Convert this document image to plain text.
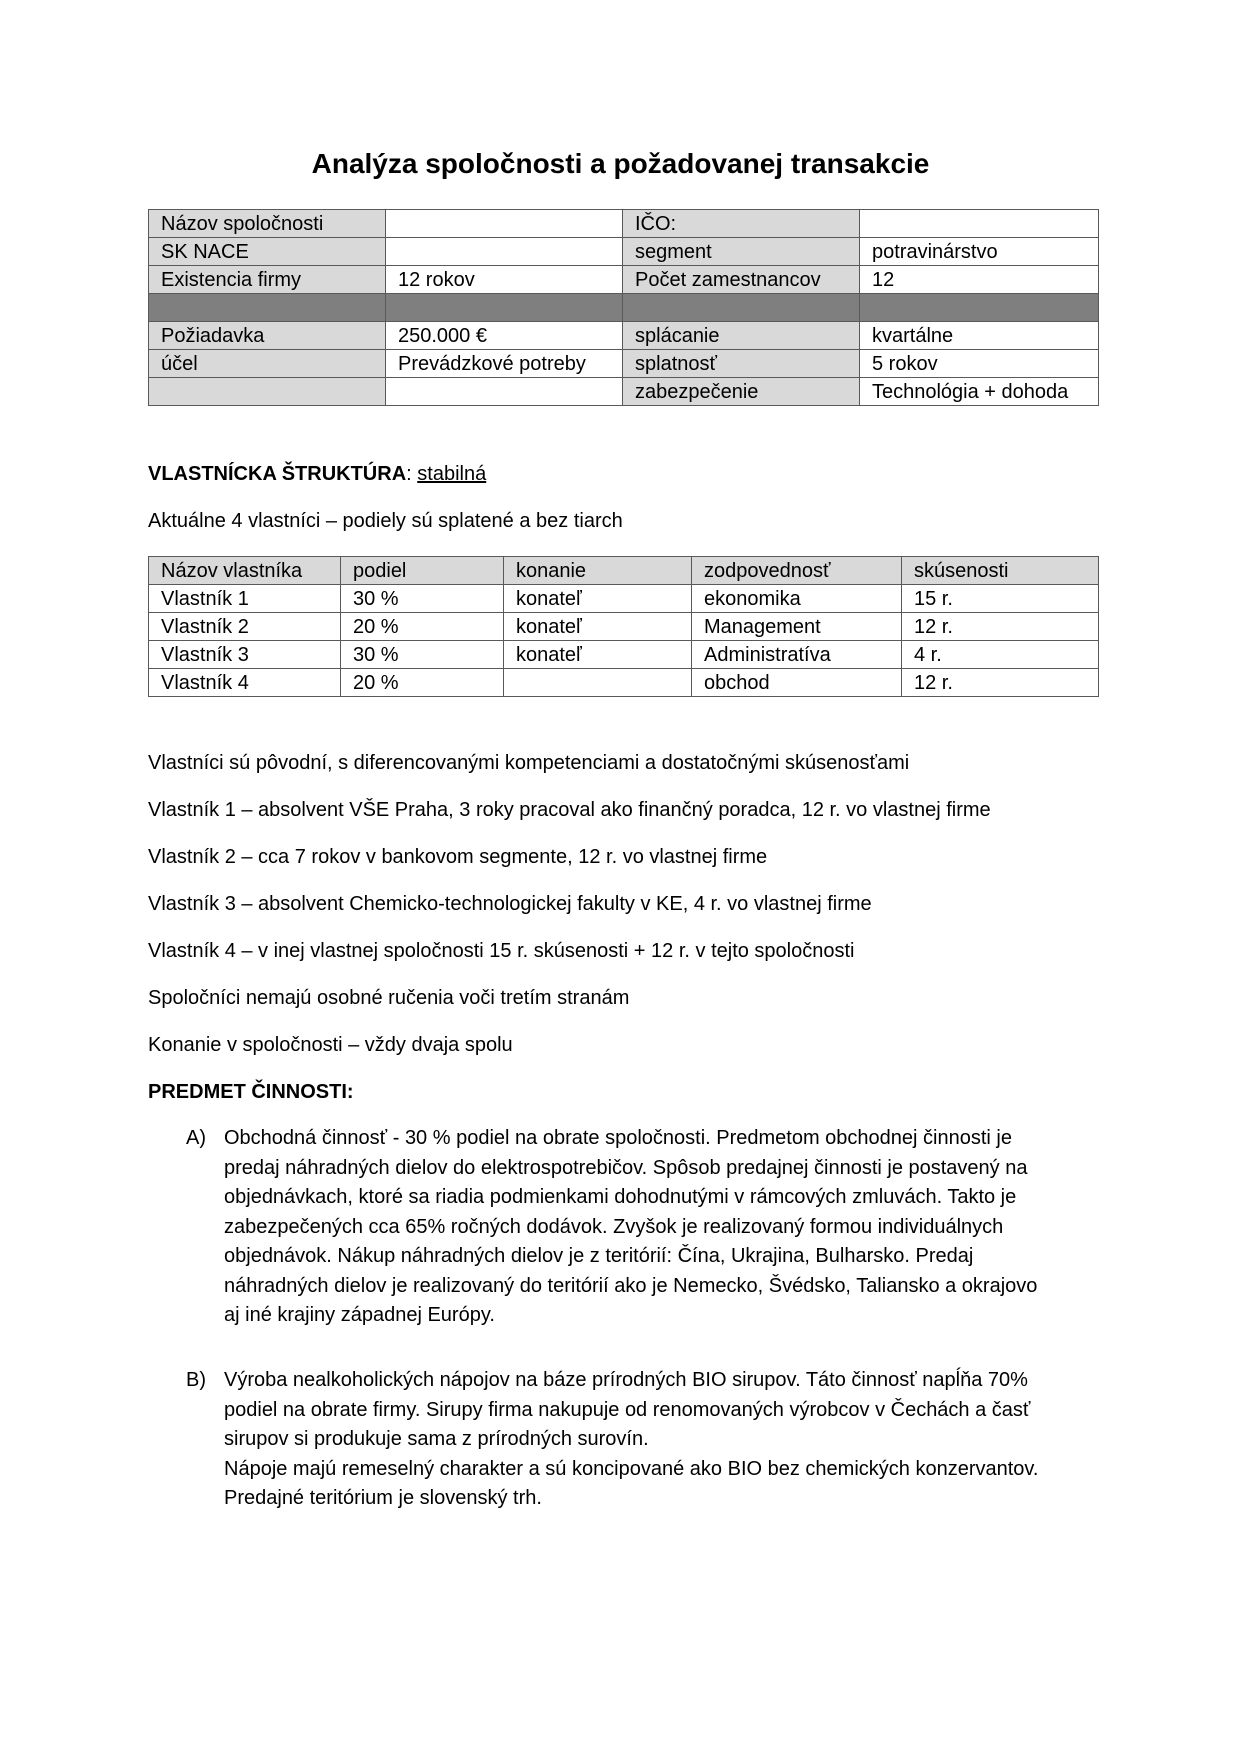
Analýza spoločnosti a požadovanej transakcie
Názov spoločnosti		IČO:	
SK NACE		segment	potravinárstvo
Existencia firmy	12 rokov	Počet zamestnancov	12

Požiadavka	250.000 €	splácanie	kvartálne
účel	Prevádzkové potreby	splatnosť	5 rokov
		zabezpečenie	Technológia + dohoda

VLASTNÍCKA ŠTRUKTÚRA: stabilná

Aktuálne 4 vlastníci – podiely sú splatené a bez tiarch

Názov vlastníka	podiel	konanie	zodpovednosť	skúsenosti
Vlastník 1	30 %	konateľ	ekonomika	15 r.
Vlastník 2	20 %	konateľ	Management	12 r.
Vlastník 3	30 %	konateľ	Administratíva	4 r.
Vlastník 4	20 %		obchod	12 r.

Vlastníci sú pôvodní, s diferencovanými kompetenciami a dostatočnými skúsenosťami

Vlastník 1 – absolvent VŠE Praha, 3 roky pracoval ako finančný poradca, 12 r. vo vlastnej firme

Vlastník 2 – cca 7 rokov v bankovom segmente, 12 r. vo vlastnej firme

Vlastník 3 – absolvent Chemicko-technologickej fakulty v KE, 4 r. vo vlastnej firme

Vlastník 4 – v inej vlastnej spoločnosti 15 r. skúsenosti + 12 r. v tejto spoločnosti

Spoločníci nemajú osobné ručenia voči tretím stranám

Konanie v spoločnosti – vždy dvaja spolu

PREDMET ČINNOSTI:

A) Obchodná činnosť - 30 % podiel na obrate spoločnosti. Predmetom obchodnej činnosti je

predaj náhradných dielov do elektrospotrebičov. Spôsob predajnej činnosti je postavený na

objednávkach, ktoré sa riadia podmienkami dohodnutými v rámcových zmluvách. Takto je

zabezpečených cca 65% ročných dodávok. Zvyšok je realizovaný formou individuálnych

objednávok. Nákup náhradných dielov je z teritórií: Čína, Ukrajina, Bulharsko. Predaj

náhradných dielov je realizovaný do teritórií ako je Nemecko, Švédsko, Taliansko a okrajovo

aj iné krajiny západnej Európy.

B) Výroba nealkoholických nápojov na báze prírodných BIO sirupov. Táto činnosť napĺňa 70%

podiel na obrate firmy. Sirupy firma nakupuje od renomovaných výrobcov v Čechách a časť

sirupov si produkuje sama z prírodných surovín.

Nápoje majú remeselný charakter a sú koncipované ako BIO bez chemických konzervantov.

Predajné teritórium je slovenský trh.
